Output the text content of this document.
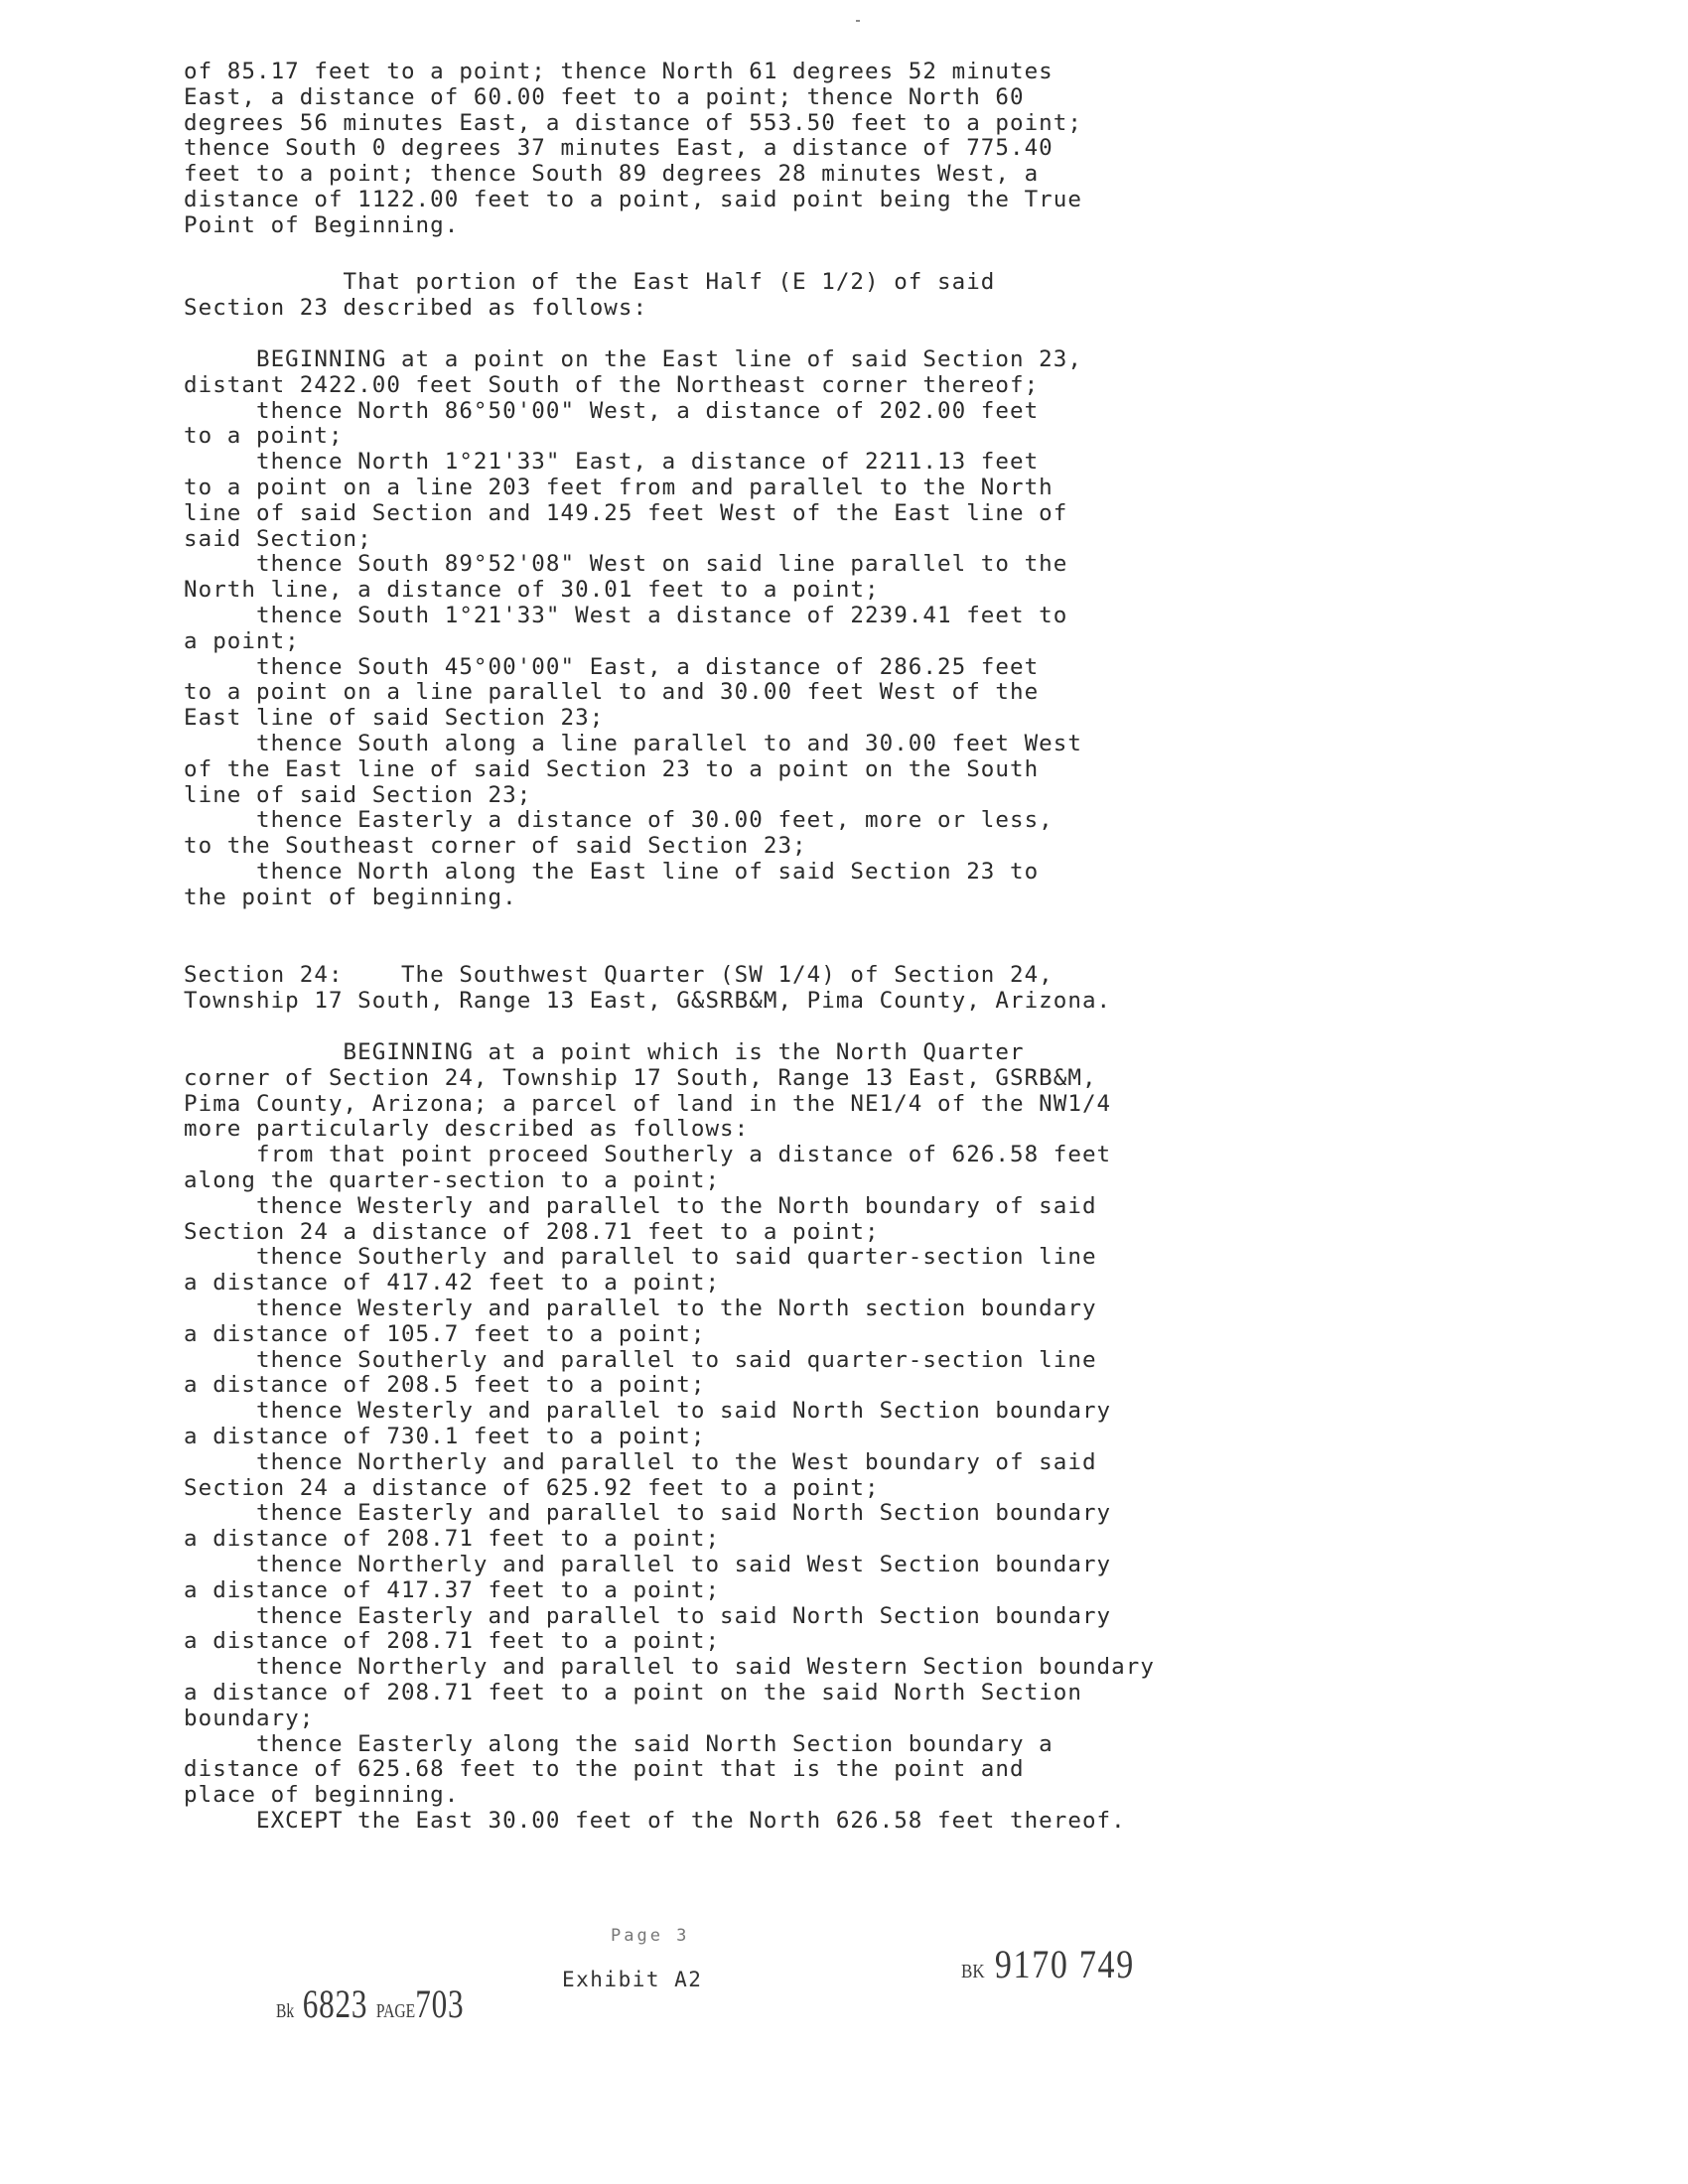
of 85.17 feet to a point; thence North 61 degrees 52 minutes
East, a distance of 60.00 feet to a point; thence North 60
degrees 56 minutes East, a distance of 553.50 feet to a point;
thence South 0 degrees 37 minutes East, a distance of 775.40
feet to a point; thence South 89 degrees 28 minutes West, a
distance of 1122.00 feet to a point, said point being the True
Point of Beginning.
That portion of the East Half (E 1/2) of said
Section 23 described as follows:
BEGINNING at a point on the East line of said Section 23,
distant 2422.00 feet South of the Northeast corner thereof;
thence North 86°50'00" West, a distance of 202.00 feet
to a point;
thence North 1°21'33" East, a distance of 2211.13 feet
to a point on a line 203 feet from and parallel to the North
line of said Section and 149.25 feet West of the East line of
said Section;
thence South 89°52'08" West on said line parallel to the
North line, a distance of 30.01 feet to a point;
thence South 1°21'33" West a distance of 2239.41 feet to
a point;
thence South 45°00'00" East, a distance of 286.25 feet
to a point on a line parallel to and 30.00 feet West of the
East line of said Section 23;
thence South along a line parallel to and 30.00 feet West
of the East line of said Section 23 to a point on the South
line of said Section 23;
thence Easterly a distance of 30.00 feet, more or less,
to the Southeast corner of said Section 23;
thence North along the East line of said Section 23 to
the point of beginning.
Section 24:    The Southwest Quarter (SW 1/4) of Section 24,
Township 17 South, Range 13 East, G&SRB&M, Pima County, Arizona.
BEGINNING at a point which is the North Quarter
corner of Section 24, Township 17 South, Range 13 East, GSRB&M,
Pima County, Arizona; a parcel of land in the NE1/4 of the NW1/4
more particularly described as follows:
from that point proceed Southerly a distance of 626.58 feet
along the quarter-section to a point;
thence Westerly and parallel to the North boundary of said
Section 24 a distance of 208.71 feet to a point;
thence Southerly and parallel to said quarter-section line
a distance of 417.42 feet to a point;
thence Westerly and parallel to the North section boundary
a distance of 105.7 feet to a point;
thence Southerly and parallel to said quarter-section line
a distance of 208.5 feet to a point;
thence Westerly and parallel to said North Section boundary
a distance of 730.1 feet to a point;
thence Northerly and parallel to the West boundary of said
Section 24 a distance of 625.92 feet to a point;
thence Easterly and parallel to said North Section boundary
a distance of 208.71 feet to a point;
thence Northerly and parallel to said West Section boundary
a distance of 417.37 feet to a point;
thence Easterly and parallel to said North Section boundary
a distance of 208.71 feet to a point;
thence Northerly and parallel to said Western Section boundary
a distance of 208.71 feet to a point on the said North Section
boundary;
thence Easterly along the said North Section boundary a
distance of 625.68 feet to the point that is the point and
place of beginning.
EXCEPT the East 30.00 feet of the North 626.58 feet thereof.
Page 3
Exhibit A2	BK 9170 749
Bk 6823 PAGE703
